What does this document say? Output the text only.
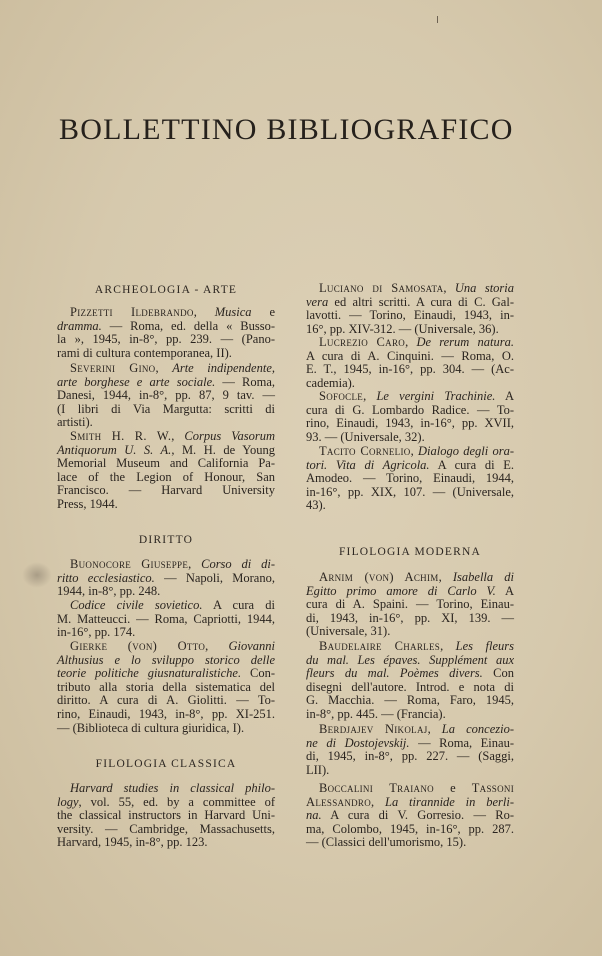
BOLLETTINO BIBLIOGRAFICO
ARCHEOLOGIA - ARTE
Pizzetti Ildebrando, Musica e
dramma. — Roma, ed. della « Busso-
la », 1945, in-8°, pp. 239. — (Pano-
rami di cultura contemporanea, II).
Severini Gino, Arte indipendente,
arte borghese e arte sociale. — Roma,
Danesi, 1944, in-8°, pp. 87, 9 tav. —
(I libri di Via Margutta: scritti di
artisti).
Smith H. R. W., Corpus Vasorum
Antiquorum U. S. A., M. H. de Young
Memorial Museum and California Pa-
lace of the Legion of Honour, San
Francisco. — Harvard University
Press, 1944.
DIRITTO
Buonocore Giuseppe, Corso di di-
ritto ecclesiastico. — Napoli, Morano,
1944, in-8°, pp. 248.
Codice civile sovietico. A cura di
M. Matteucci. — Roma, Capriotti, 1944,
in-16°, pp. 174.
Gierke (von) Otto, Giovanni
Althusius e lo sviluppo storico delle
teorie politiche giusnaturalistiche. Con-
tributo alla storia della sistematica del
diritto. A cura di A. Giolitti. — To-
rino, Einaudi, 1943, in-8°, pp. XI-251.
— (Biblioteca di cultura giuridica, I).
FILOLOGIA CLASSICA
Harvard studies in classical philo-
logy, vol. 55, ed. by a committee of
the classical instructors in Harvard Uni-
versity. — Cambridge, Massachusetts,
Harvard, 1945, in-8°, pp. 123.
Luciano di Samosata, Una storia
vera ed altri scritti. A cura di C. Gal-
lavotti. — Torino, Einaudi, 1943, in-
16°, pp. XIV-312. — (Universale, 36).
Lucrezio Caro, De rerum natura.
A cura di A. Cinquini. — Roma, O.
E. T., 1945, in-16°, pp. 304. — (Ac-
cademia).
Sofocle, Le vergini Trachinie. A
cura di G. Lombardo Radice. — To-
rino, Einaudi, 1943, in-16°, pp. XVII,
93. — (Universale, 32).
Tacito Cornelio, Dialogo degli ora-
tori. Vita di Agricola. A cura di E.
Amodeo. — Torino, Einaudi, 1944,
in-16°, pp. XIX, 107. — (Universale,
43).
FILOLOGIA MODERNA
Arnim (von) Achim, Isabella di
Egitto primo amore di Carlo V. A
cura di A. Spaini. — Torino, Einau-
di, 1943, in-16°, pp. XI, 139. —
(Universale, 31).
Baudelaire Charles, Les fleurs
du mal. Les épaves. Supplément aux
fleurs du mal. Poèmes divers. Con
disegni dell'autore. Introd. e nota di
G. Macchia. — Roma, Faro, 1945,
in-8°, pp. 445. — (Francia).
Berdjajev Nikolaj, La concezio-
ne di Dostojevskij. — Roma, Einau-
di, 1945, in-8°, pp. 227. — (Saggi,
LII).
Boccalini Traiano e Tassoni
Alessandro, La tirannide in berli-
na. A cura di V. Gorresio. — Ro-
ma, Colombo, 1945, in-16°, pp. 287.
— (Classici dell'umorismo, 15).
